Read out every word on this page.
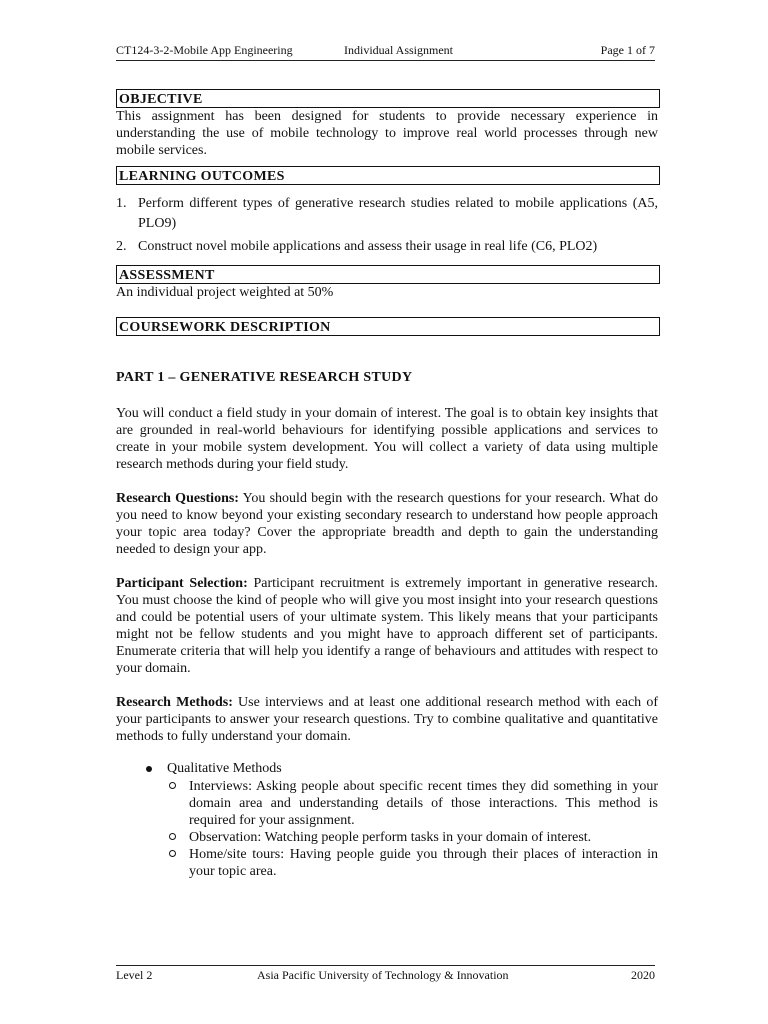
CT124-3-2-Mobile App Engineering	Individual Assignment	Page 1 of 7
OBJECTIVE
This assignment has been designed for students to provide necessary experience in understanding the use of mobile technology to improve real world processes through new mobile services.
LEARNING OUTCOMES
1. Perform different types of generative research studies related to mobile applications (A5, PLO9)
2. Construct novel mobile applications and assess their usage in real life (C6, PLO2)
ASSESSMENT
An individual project weighted at 50%
COURSEWORK DESCRIPTION
PART 1 – GENERATIVE RESEARCH STUDY
You will conduct a field study in your domain of interest. The goal is to obtain key insights that are grounded in real-world behaviours for identifying possible applications and services to create in your mobile system development. You will collect a variety of data using multiple research methods during your field study.
Research Questions: You should begin with the research questions for your research. What do you need to know beyond your existing secondary research to understand how people approach your topic area today? Cover the appropriate breadth and depth to gain the understanding needed to design your app.
Participant Selection: Participant recruitment is extremely important in generative research. You must choose the kind of people who will give you most insight into your research questions and could be potential users of your ultimate system. This likely means that your participants might not be fellow students and you might have to approach different set of participants. Enumerate criteria that will help you identify a range of behaviours and attitudes with respect to your domain.
Research Methods: Use interviews and at least one additional research method with each of your participants to answer your research questions. Try to combine qualitative and quantitative methods to fully understand your domain.
Qualitative Methods
Interviews: Asking people about specific recent times they did something in your domain area and understanding details of those interactions. This method is required for your assignment.
Observation: Watching people perform tasks in your domain of interest.
Home/site tours: Having people guide you through their places of interaction in your topic area.
Level 2	Asia Pacific University of Technology & Innovation	2020
